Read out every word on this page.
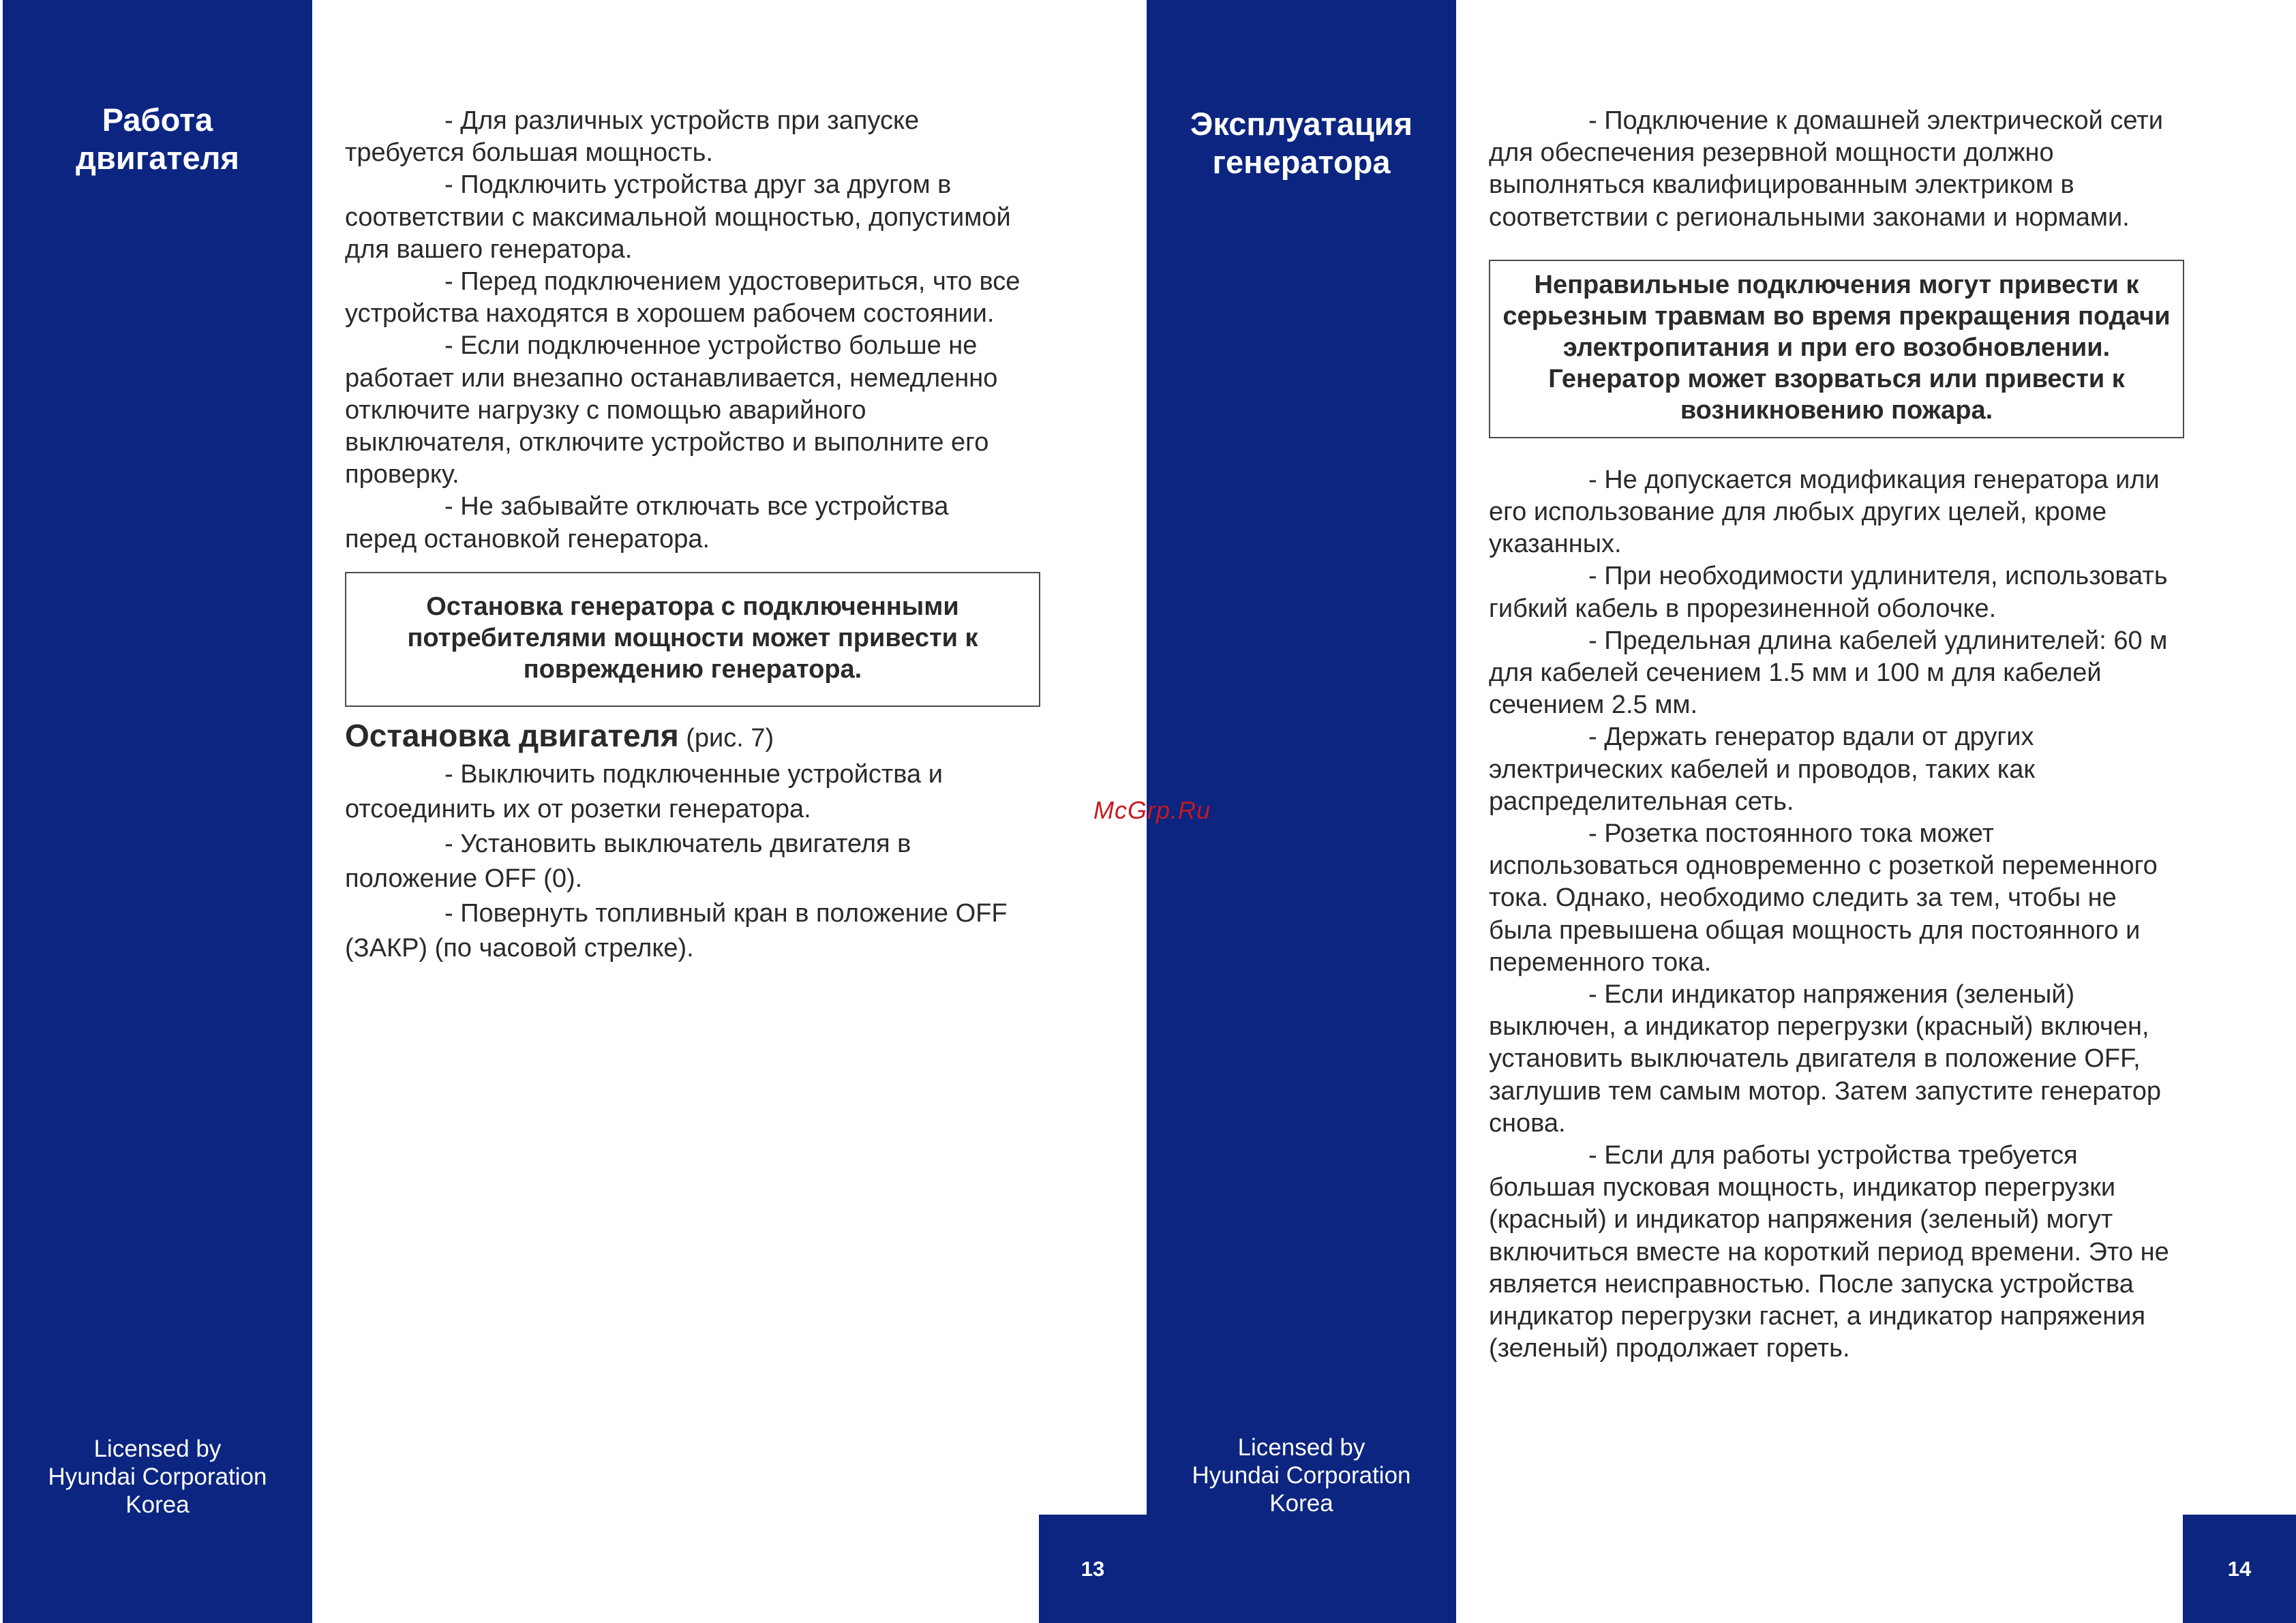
Работа
двигателя
Licensed by
Hyundai Corporation
Korea
13

- Для различных устройств при запуске требуется большая мощность.

- Подключить устройства друг за другом в соответствии с максимальной мощностью, допустимой для вашего генератора.

- Перед подключением удостовериться, что все устройства находятся в хорошем рабочем состоянии.

- Если подключенное устройство больше не работает или внезапно останавливается, немедленно отключите нагрузку с помощью аварийного выключателя, отключите устройство и выполните его проверку.

- Не забывайте отключать все устройства перед остановкой генератора.

Остановка генератора с подключенными потребителями мощности может привести к повреждению генератора.

Остановка двигателя (рис. 7)

- Выключить подключенные устройства и отсоединить их от розетки генератора.

- Установить выключатель двигателя в положение OFF (0).

- Повернуть топливный кран в положение OFF (ЗАКР) (по часовой стрелке).

Эксплуатация
генератора
Licensed by
Hyundai Corporation
Korea
14

- Подключение к домашней электрической сети для обеспечения резервной мощности должно выполняться квалифицированным электриком в соответствии с региональными законами и нормами.

Неправильные подключения могут привести к серьезным травмам во время прекращения подачи электропитания и при его возобновлении. Генератор может взорваться или привести к возникновению пожара.

- Не допускается модификация генератора или его использование для любых других целей, кроме указанных.

- При необходимости удлинителя, использовать гибкий кабель в прорезиненной оболочке.

- Предельная длина кабелей удлинителей: 60 м для кабелей сечением 1.5 мм и 100 м для кабелей сечением 2.5 мм.

- Держать генератор вдали от других электрических кабелей и проводов, таких как распределительная сеть.

- Розетка постоянного тока может использоваться одновременно с розеткой переменного тока. Однако, необходимо следить за тем, чтобы не была превышена общая мощность для постоянного и переменного тока.

- Если индикатор напряжения (зеленый) выключен, а индикатор перегрузки (красный) включен, установить выключатель двигателя в положение OFF, заглушив тем самым мотор. Затем запустите генератор снова.

- Если для работы устройства требуется большая пусковая мощность, индикатор перегрузки (красный) и индикатор напряжения (зеленый) могут включиться вместе на короткий период времени. Это не является неисправностью. После запуска устройства индикатор перегрузки гаснет, а индикатор напряжения (зеленый) продолжает гореть.

McGrp.Ru
